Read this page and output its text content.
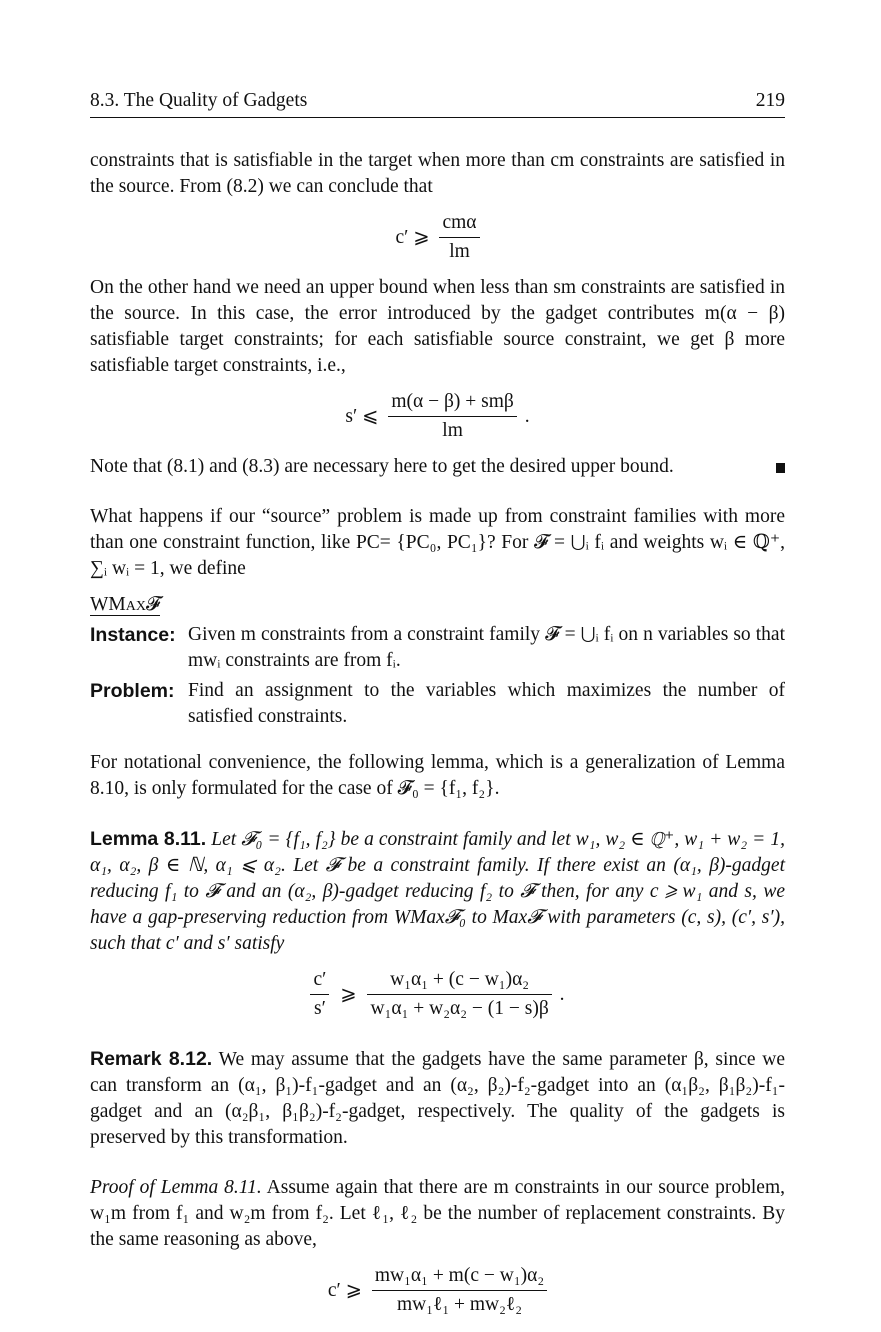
8.3. The Quality of Gadgets	219

constraints that is satisfiable in the target when more than cm constraints are satisfied in the source. From (8.2) we can conclude that

c′ ⩾ $\frac{\text{cmα}}{lm}$

On the other hand we need an upper bound when less than sm constraints are satisfied in the source. In this case, the error introduced by the gadget contributes m(α − β) satisfiable target constraints; for each satisfiable source constraint, we get β more satisfiable target constraints, i.e.,

s′ ⩽ $\frac{\text{m(α − β) + smβ}}{lm}$ .

Note that (8.1) and (8.3) are necessary here to get the desired upper bound.

What happens if our “source” problem is made up from constraint families with more than one constraint function, like PC= {PC₀, PC₁}? For 𝓕 = ⋃ᵢ fᵢ and weights wᵢ ∈ ℚ⁺, ∑ᵢ wᵢ = 1, we define

WMax𝓕
Instance: Given m constraints from a constraint family 𝓕 = ⋃ᵢ fᵢ on n variables so that mwᵢ constraints are from fᵢ.
Problem: Find an assignment to the variables which maximizes the number of satisfied constraints.

For notational convenience, the following lemma, which is a generalization of Lemma 8.10, is only formulated for the case of 𝓕₀ = {f₁, f₂}.

Lemma 8.11. Let 𝓕₀ = {f₁, f₂} be a constraint family and let w₁, w₂ ∈ ℚ⁺, w₁ + w₂ = 1, α₁, α₂, β ∈ ℕ, α₁ ⩽ α₂. Let 𝓕 be a constraint family. If there exist an (α₁, β)-gadget reducing f₁ to 𝓕 and an (α₂, β)-gadget reducing f₂ to 𝓕 then, for any c ⩾ w₁ and s, we have a gap-preserving reduction from WMax𝓕₀ to Max𝓕 with parameters (c, s), (c′, s′), such that c′ and s′ satisfy

$\frac{c'}{s'}$ ⩾ $\frac{\text{w₁α₁ + (c − w₁)α₂}}{\text{w₁α₁ + w₂α₂ − (1 − s)β}}$ .

Remark 8.12. We may assume that the gadgets have the same parameter β, since we can transform an (α₁, β₁)-f₁-gadget and an (α₂, β₂)-f₂-gadget into an (α₁β₂, β₁β₂)-f₁-gadget and an (α₂β₁, β₁β₂)-f₂-gadget, respectively. The quality of the gadgets is preserved by this transformation.

Proof of Lemma 8.11. Assume again that there are m constraints in our source problem, w₁m from f₁ and w₂m from f₂. Let ℓ₁, ℓ₂ be the number of replacement constraints. By the same reasoning as above,

c′ ⩾ $\frac{\text{mw₁α₁ + m(c − w₁)α₂}}{\text{mw₁ℓ₁ + mw₂ℓ₂}}$
